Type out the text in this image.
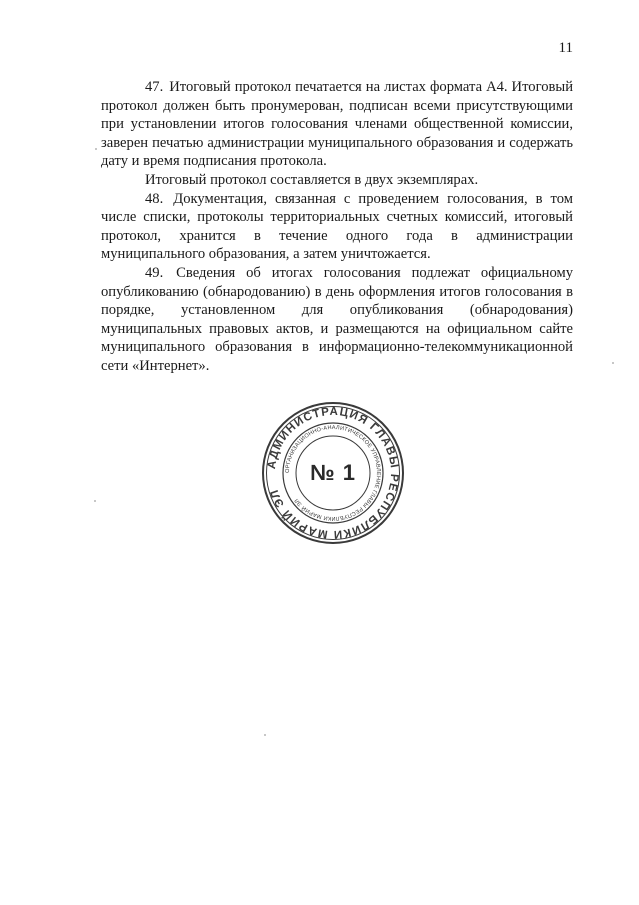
11

47. Итоговый протокол печатается на листах формата А4. Итоговый протокол должен быть пронумерован, подписан всеми присутствующими при установлении итогов голосования членами общественной комиссии, заверен печатью администрации муниципального образования и содержать дату и время подписания протокола.

Итоговый протокол составляется в двух экземплярах.

48. Документация, связанная с проведением голосования, в том числе списки, протоколы территориальных счетных комиссий, итоговый протокол, хранится в течение одного года в администрации муниципального образования, а затем уничтожается.

49. Сведения об итогах голосования подлежат официальному опубликованию (обнародованию) в день оформления итогов голосования в порядке, установленном для опубликования (обнародования) муниципальных правовых актов, и размещаются на официальном сайте муниципального образования в информационно-телекоммуникационной сети «Интернет».

АДМИНИСТРАЦИЯ ГЛАВЫ РЕСПУБЛИКИ МАРИЙ ЭЛ
ОРГАНИЗАЦИОННО-АНАЛИТИЧЕСКОЕ УПРАВЛЕНИЕ ГЛАВЫ РЕСПУБЛИКИ МАРИЙ ЭЛ
№ 1
